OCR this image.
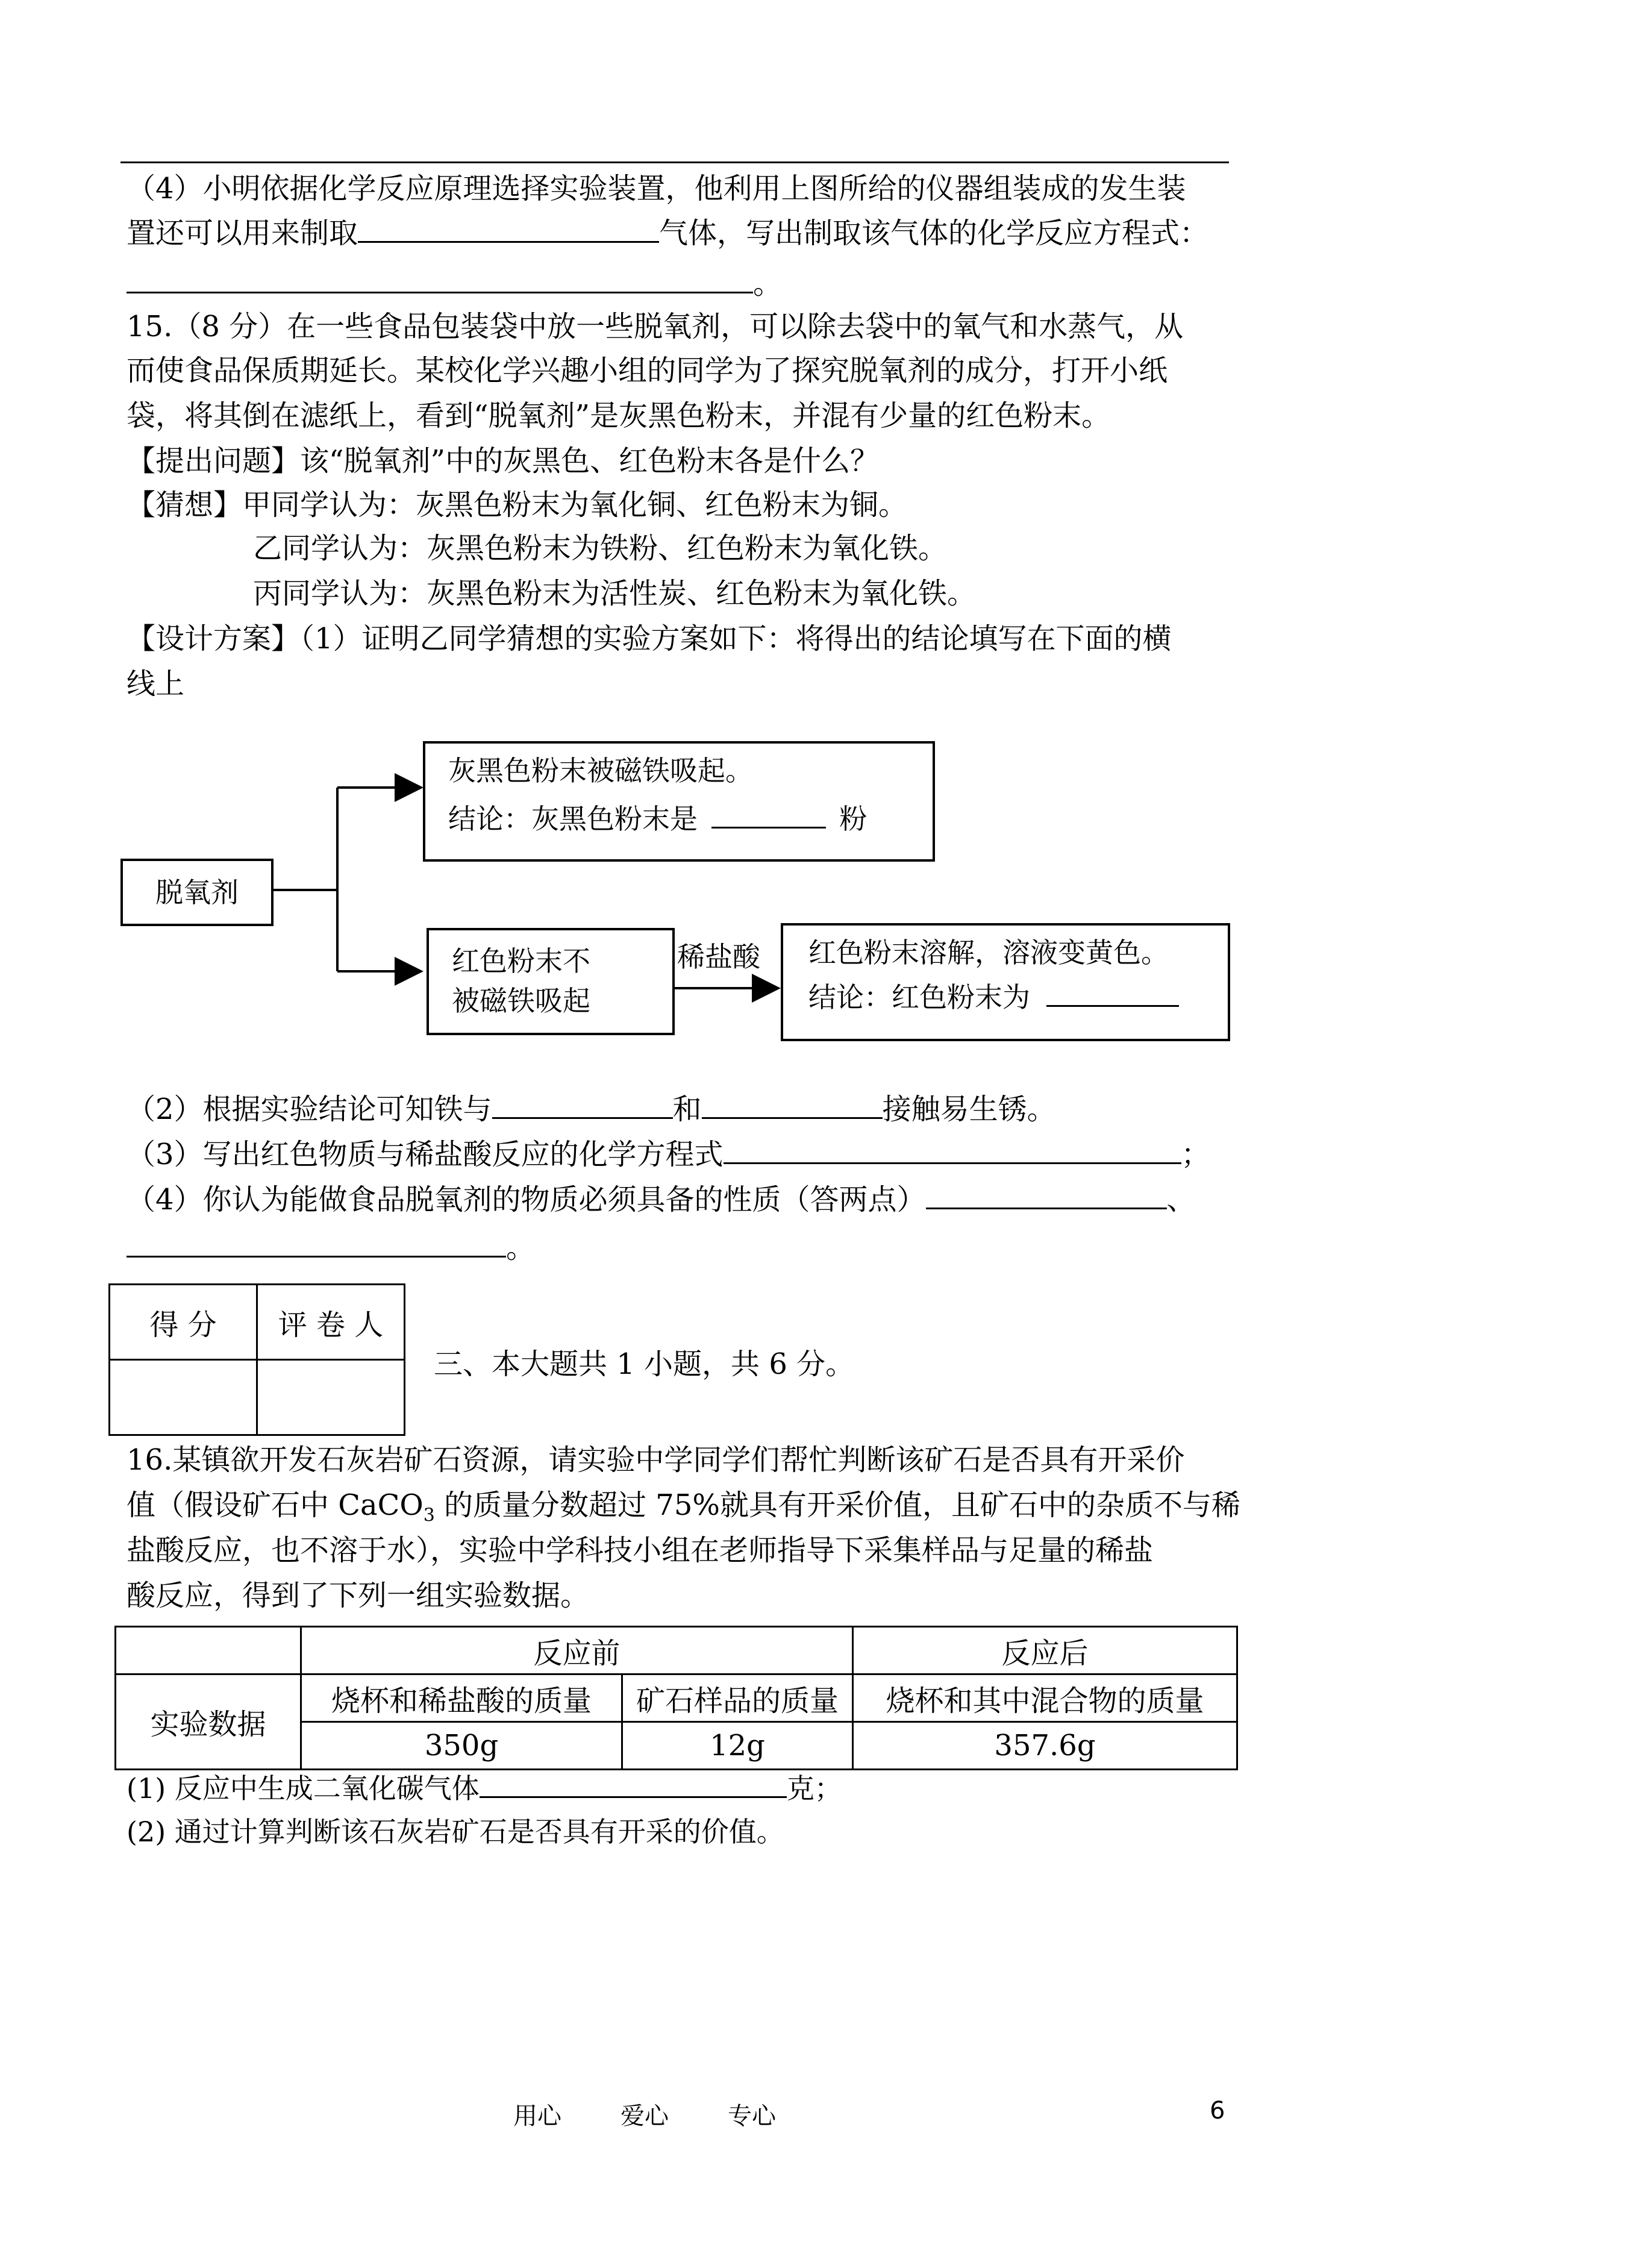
（4）小明依据化学反应原理选择实验装置，他利用上图所给的仪器组装成的发生装
置还可以用来制取	气体，写出制取该气体的化学反应方程式：
。
15.（8 分）在一些食品包装袋中放一些脱氧剂，可以除去袋中的氧气和水蒸气，从
而使食品保质期延长。某校化学兴趣小组的同学为了探究脱氧剂的成分，打开小纸
袋，将其倒在滤纸上，看到“脱氧剂”是灰黑色粉末，并混有少量的红色粉末。
【提出问题】该“脱氧剂”中的灰黑色、红色粉末各是什么？
【猜想】甲同学认为：灰黑色粉末为氧化铜、红色粉末为铜。
乙同学认为：灰黑色粉末为铁粉、红色粉末为氧化铁。
丙同学认为：灰黑色粉末为活性炭、红色粉末为氧化铁。
【设计方案】（1）证明乙同学猜想的实验方案如下：将得出的结论填写在下面的横
线上
脱氧剂
灰黑色粉末被磁铁吸起。
结论：灰黑色粉末是	粉
红色粉末不
被磁铁吸起
稀盐酸 红色粉末溶解，溶液变黄色。
结论：红色粉末为
（2）根据实验结论可知铁与	和	接触易生锈。
（3）写出红色物质与稀盐酸反应的化学方程式	；
（4）你认为能做食品脱氧剂的物质必须具备的性质（答两点）	、
。
得 分	评 卷 人

三、本大题共 1 小题，共 6 分。
16.某镇欲开发石灰岩矿石资源，请实验中学同学们帮忙判断该矿石是否具有开采价
值（假设矿石中 CaCO$_3$ 的质量分数超过 75%就具有开采价值，且矿石中的杂质不与稀
盐酸反应，也不溶于水），实验中学科技小组在老师指导下采集样品与足量的稀盐
酸反应，得到了下列一组实验数据。
	反应前		反应后
实验数据	烧杯和稀盐酸的质量	矿石样品的质量	烧杯和其中混合物的质量
	350g	12g	357.6g
(1) 反应中生成二氧化碳气体	克；
(2) 通过计算判断该石灰岩矿石是否具有开采的价值。
用心 爱心 专心	6
